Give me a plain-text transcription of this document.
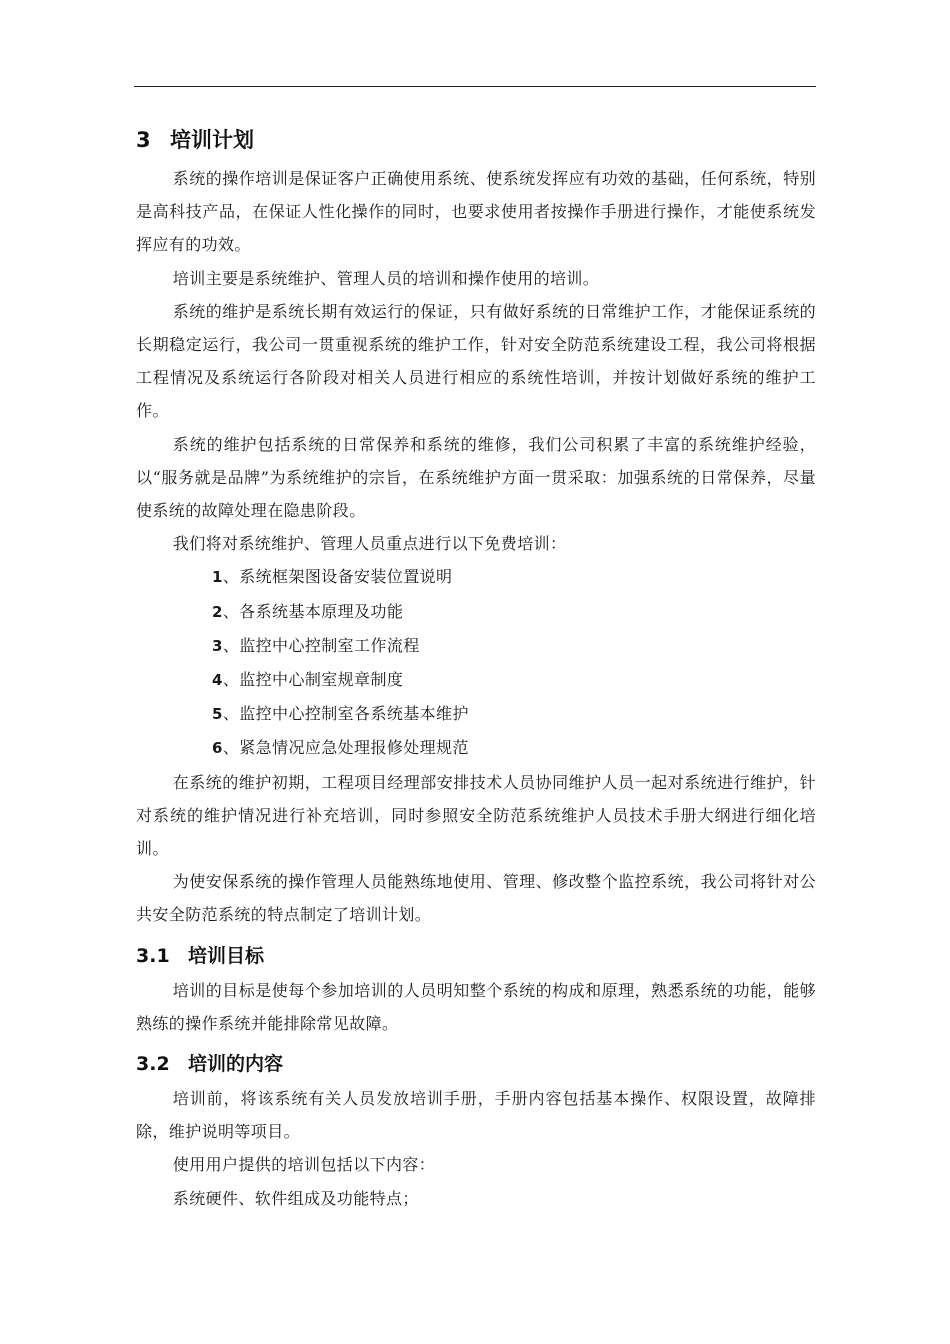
3 培训计划

系统的操作培训是保证客户正确使用系统、使系统发挥应有功效的基础，任何系统，特别是高科技产品，在保证人性化操作的同时，也要求使用者按操作手册进行操作，才能使系统发挥应有的功效。

培训主要是系统维护、管理人员的培训和操作使用的培训。

系统的维护是系统长期有效运行的保证，只有做好系统的日常维护工作，才能保证系统的长期稳定运行，我公司一贯重视系统的维护工作，针对安全防范系统建设工程，我公司将根据工程情况及系统运行各阶段对相关人员进行相应的系统性培训，并按计划做好系统的维护工作。

系统的维护包括系统的日常保养和系统的维修，我们公司积累了丰富的系统维护经验，以“服务就是品牌”为系统维护的宗旨，在系统维护方面一贯采取：加强系统的日常保养，尽量使系统的故障处理在隐患阶段。

我们将对系统维护、管理人员重点进行以下免费培训：

1、系统框架图设备安装位置说明
2、各系统基本原理及功能
3、监控中心控制室工作流程
4、监控中心制室规章制度
5、监控中心控制室各系统基本维护
6、紧急情况应急处理报修处理规范

在系统的维护初期，工程项目经理部安排技术人员协同维护人员一起对系统进行维护，针对系统的维护情况进行补充培训，同时参照安全防范系统维护人员技术手册大纲进行细化培训。

为使安保系统的操作管理人员能熟练地使用、管理、修改整个监控系统，我公司将针对公共安全防范系统的特点制定了培训计划。

3.1 培训目标

培训的目标是使每个参加培训的人员明知整个系统的构成和原理，熟悉系统的功能，能够熟练的操作系统并能排除常见故障。

3.2 培训的内容

培训前，将该系统有关人员发放培训手册，手册内容包括基本操作、权限设置，故障排除，维护说明等项目。

使用用户提供的培训包括以下内容：

系统硬件、软件组成及功能特点；
